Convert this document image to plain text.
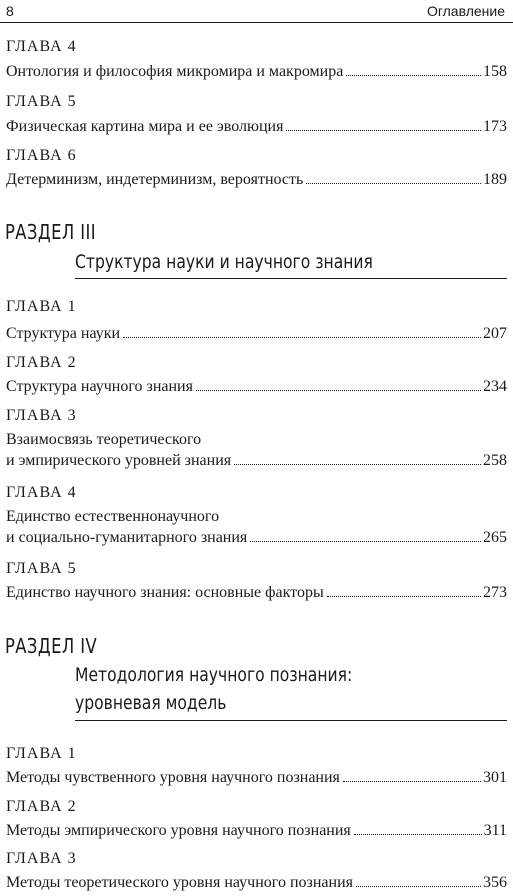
8	Оглавление
ГЛАВА 4
Онтология и философия микромира и макромира	158
ГЛАВА 5
Физическая картина мира и ее эволюция	173
ГЛАВА 6
Детерминизм, индетерминизм, вероятность	189
РАЗДЕЛ III
Структура науки и научного знания
ГЛАВА 1
Структура науки	207
ГЛАВА 2
Структура научного знания	234
ГЛАВА 3
Взаимосвязь теоретического
и эмпирического уровней знания	258
ГЛАВА 4
Единство естественнонаучного
и социально-гуманитарного знания	265
ГЛАВА 5
Единство научного знания: основные факторы	273
РАЗДЕЛ IV
Методология научного познания:
уровневая модель
ГЛАВА 1
Методы чувственного уровня научного познания	301
ГЛАВА 2
Методы эмпирического уровня научного познания	311
ГЛАВА 3
Методы теоретического уровня научного познания	356
